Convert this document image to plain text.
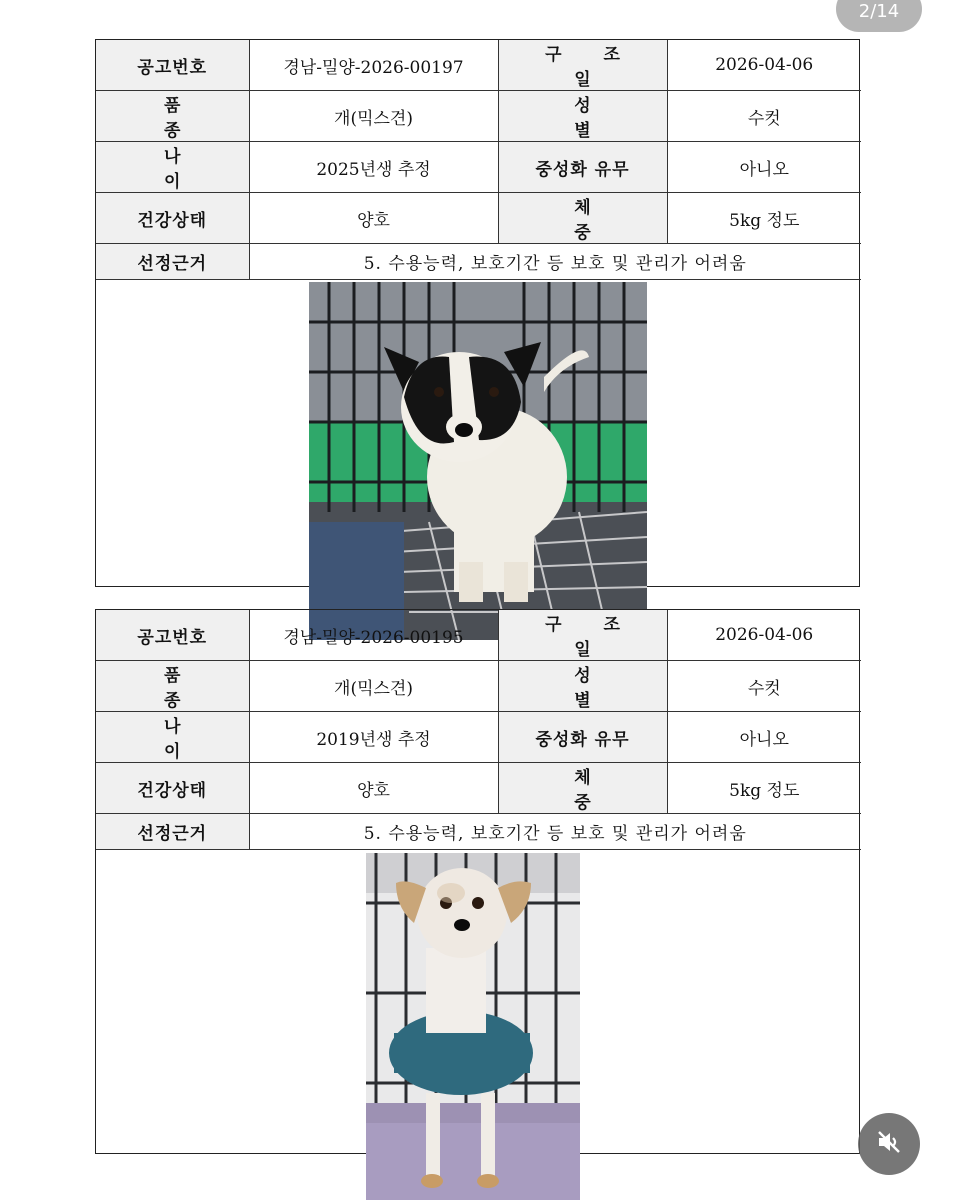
2/14
공고번호	경남-밀양-2026-00197	구 조 일	2026-04-06
품 종	개(믹스견)	성 별	수컷
나 이	2025년생 추정	중성화 유무	아니오
건강상태	양호	체 중	5kg 정도
선정근거	5. 수용능력, 보호기간 등 보호 및 관리가 어려움		
공고번호	경남-밀양-2026-00195	구 조 일	2026-04-06
품 종	개(믹스견)	성 별	수컷
나 이	2019년생 추정	중성화 유무	아니오
건강상태	양호	체 중	5kg 정도
선정근거	5. 수용능력, 보호기간 등 보호 및 관리가 어려움		
